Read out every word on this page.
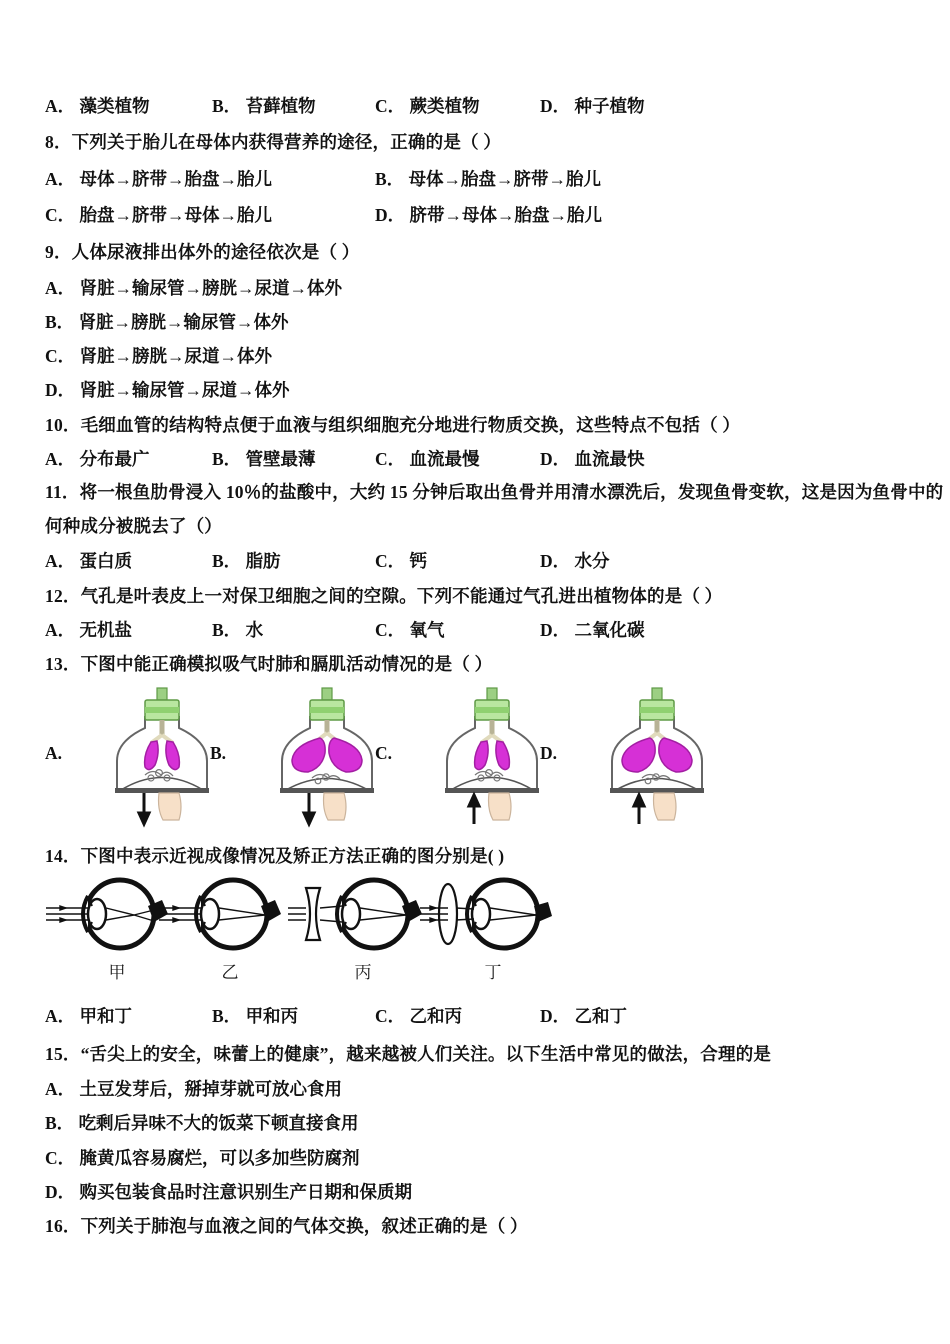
A． 藻类植物	B． 苔藓植物	C． 蕨类植物	D． 种子植物
8．下列关于胎儿在母体内获得营养的途径，正确的是（ ）
A． 母体→脐带→胎盘→胎儿	B． 母体→胎盘→脐带→胎儿
C． 胎盘→脐带→母体→胎儿	D． 脐带→母体→胎盘→胎儿
9．人体尿液排出体外的途径依次是（ ）
A． 肾脏→输尿管→膀胱→尿道→体外
B． 肾脏→膀胱→输尿管→体外
C． 肾脏→膀胱→尿道→体外
D． 肾脏→输尿管→尿道→体外
10．毛细血管的结构特点便于血液与组织细胞充分地进行物质交换，这些特点不包括（ ）
A． 分布最广	B． 管壁最薄	C． 血流最慢	D． 血流最快
11．将一根鱼肋骨浸入 10％的盐酸中，大约 15 分钟后取出鱼骨并用清水漂洗后，发现鱼骨变软，这是因为鱼骨中的
何种成分被脱去了（）
A． 蛋白质	B． 脂肪	C． 钙	D． 水分
12．气孔是叶表皮上一对保卫细胞之间的空隙。下列不能通过气孔进出植物体的是（ ）
A． 无机盐	B． 水	C． 氧气	D． 二氧化碳
13．下图中能正确模拟吸气时肺和膈肌活动情况的是（ ）
A.	B.	C.	D.
14．下图中表示近视成像情况及矫正方法正确的图分别是( )
甲	乙	丙	丁
A． 甲和丁	B． 甲和丙	C． 乙和丙	D． 乙和丁
15．“舌尖上的安全，味蕾上的健康”，越来越被人们关注。以下生活中常见的做法，合理的是
A． 土豆发芽后，掰掉芽就可放心食用
B． 吃剩后异味不大的饭菜下顿直接食用
C． 腌黄瓜容易腐烂，可以多加些防腐剂
D． 购买包装食品时注意识别生产日期和保质期
16．下列关于肺泡与血液之间的气体交换，叙述正确的是（ ）
